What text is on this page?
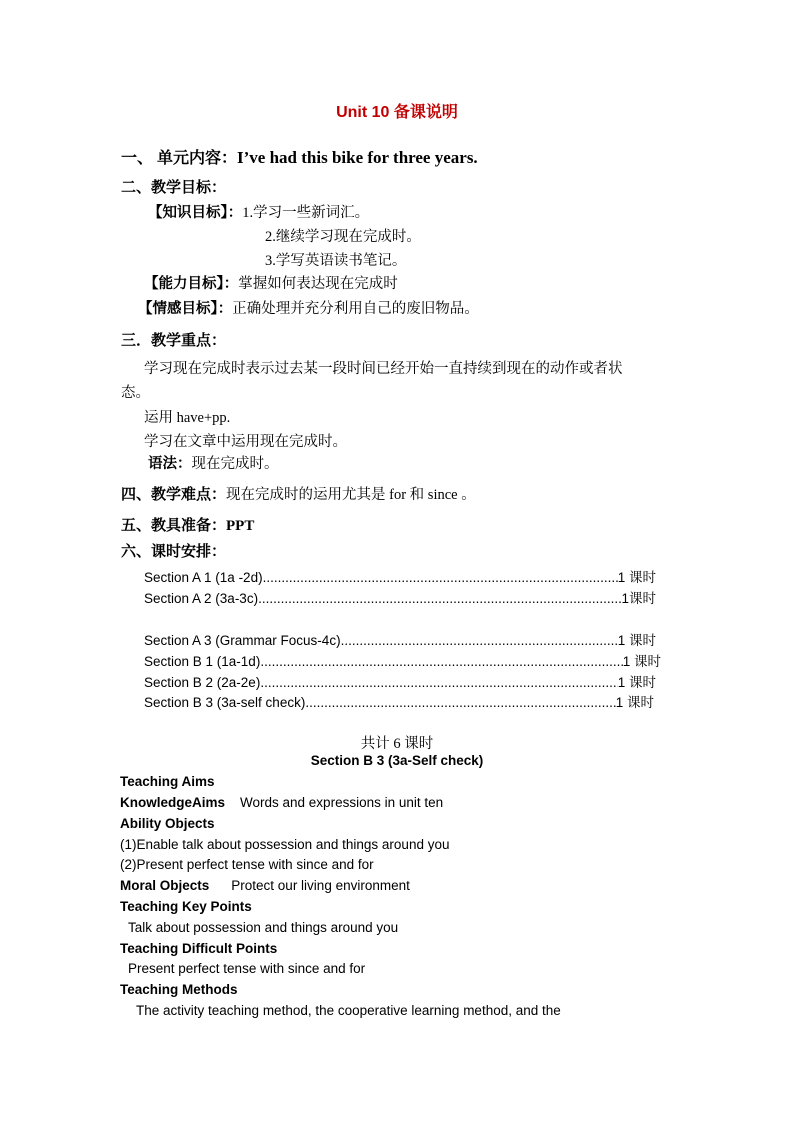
Unit 10 备课说明
一、 单元内容：I’ve had this bike for three years.
二、教学目标：
【知识目标】：1.学习一些新词汇。
2.继续学习现在完成时。
3.学写英语读书笔记。
【能力目标】：掌握如何表达现在完成时
【情感目标】：正确处理并充分利用自己的废旧物品。
三．教学重点：
学习现在完成时表示过去某一段时间已经开始一直持续到现在的动作或者状
态。
运用 have+pp.
学习在文章中运用现在完成时。
语法：现在完成时。
四、教学难点：现在完成时的运用尤其是 for 和 since 。
五、教具准备：PPT
六、课时安排：
Section A 1 (1a -2d) .....	1 课时
Section A 2 (3a-3c) .....	1课时
Section A 3 (Grammar Focus-4c) .....	1 课时
Section B 1 (1a-1d) .....	1 课时
Section B 2 (2a-2e) .....	1 课时
Section B 3 (3a-self check) .....	1 课时
共计 6 课时
Section B 3 (3a-Self check)
Teaching Aims
KnowledgeAims Words and expressions in unit ten
Ability Objects
(1)Enable talk about possession and things around you
(2)Present perfect tense with since and for
Moral Objects Protect our living environment
Teaching Key Points
Talk about possession and things around you
Teaching Difficult Points
Present perfect tense with since and for
Teaching Methods
The activity teaching method, the cooperative learning method, and the
